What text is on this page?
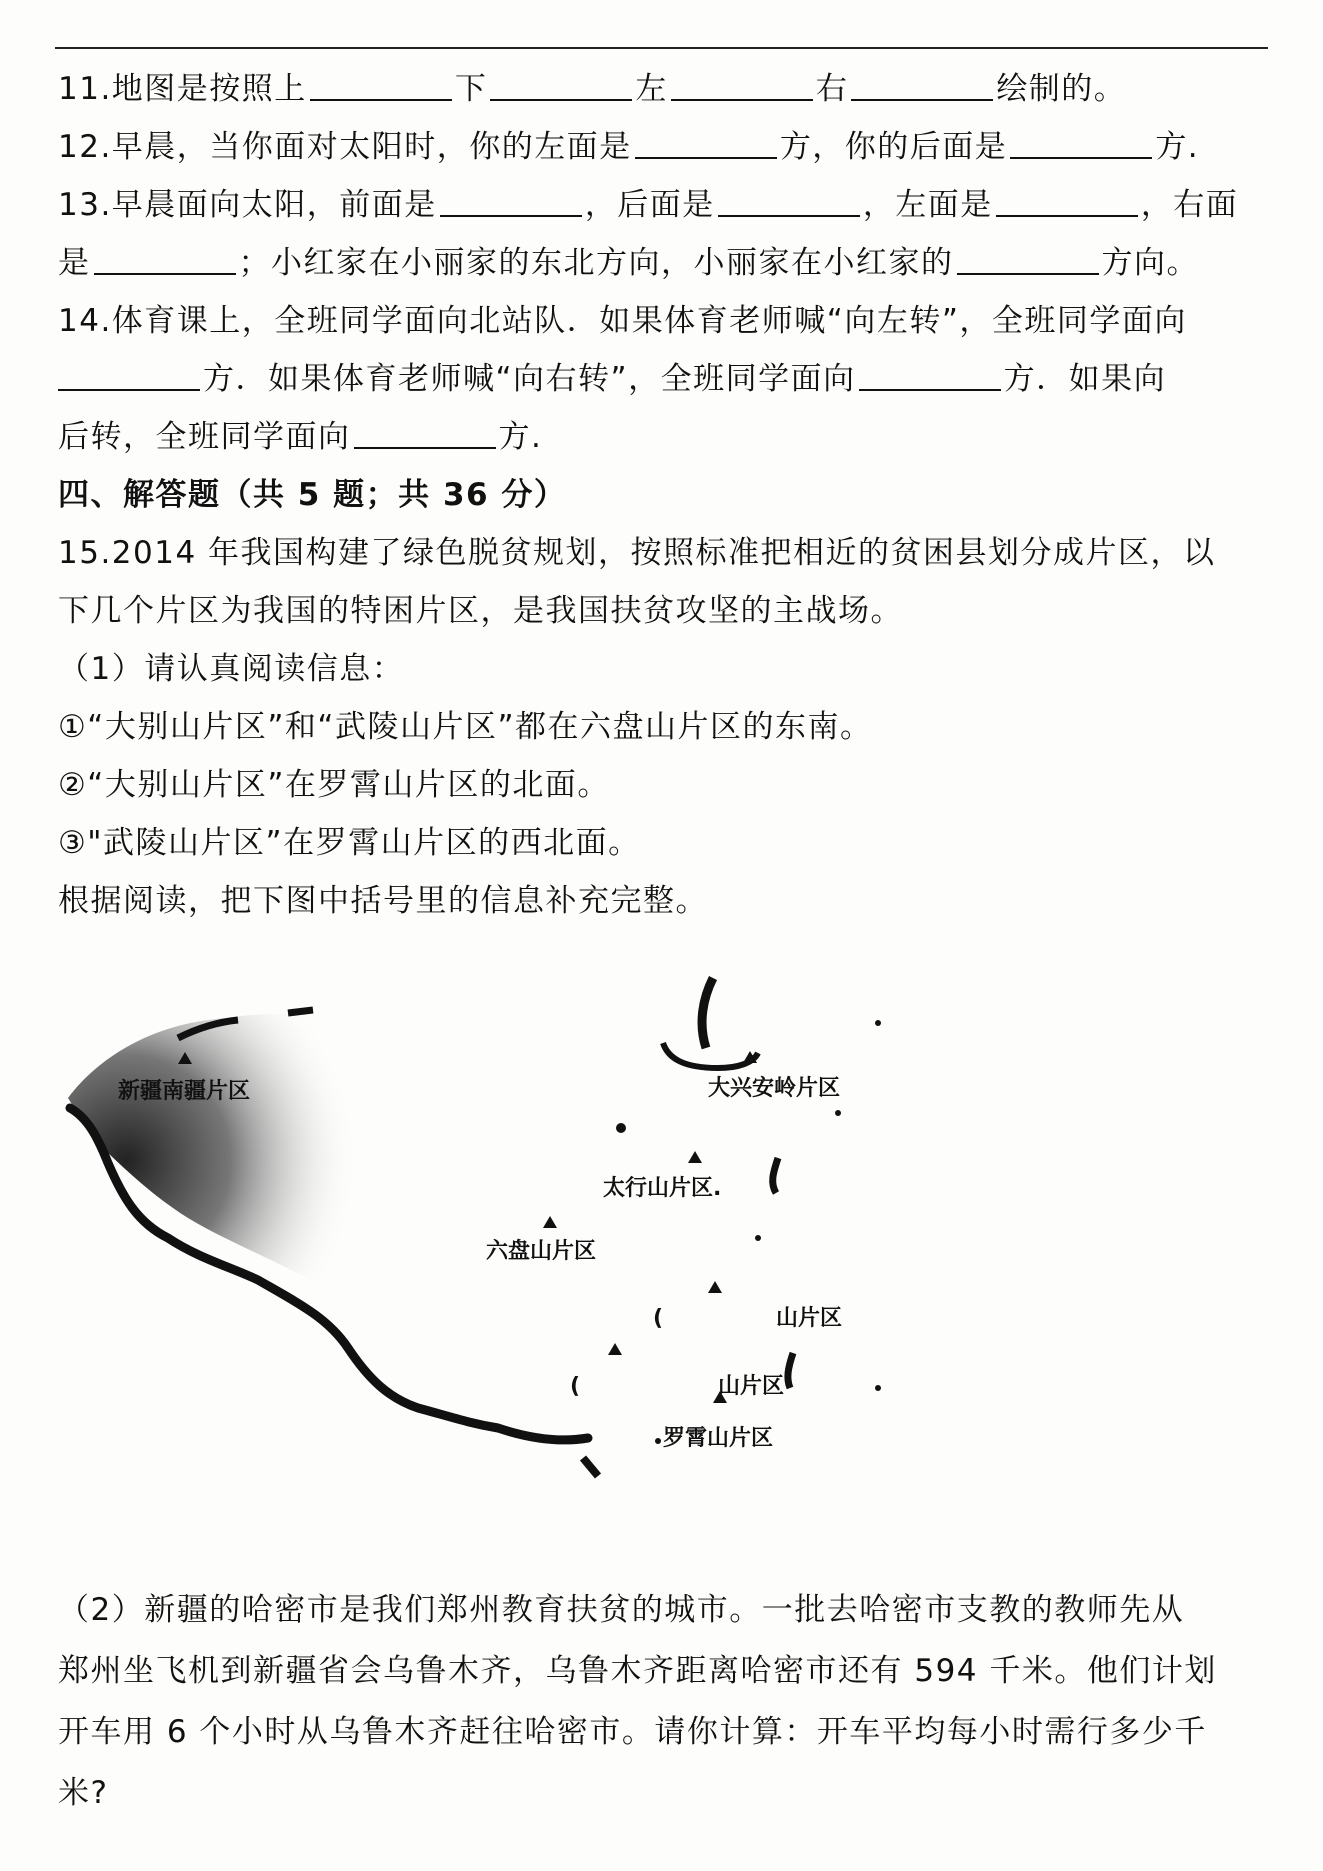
11.地图是按照上	下	左	右	绘制的。
12.早晨，当你面对太阳时，你的左面是	方，你的后面是	方.
13.早晨面向太阳，前面是	，后面是	，左面是	，右面
是	；小红家在小丽家的东北方向，小丽家在小红家的	方向。
14.体育课上，全班同学面向北站队．如果体育老师喊“向左转”，全班同学面向
方．如果体育老师喊“向右转”，全班同学面向	方．如果向
后转，全班同学面向	方.
四、解答题（共 5 题；共 36 分）
15.2014 年我国构建了绿色脱贫规划，按照标准把相近的贫困县划分成片区，以
下几个片区为我国的特困片区，是我国扶贫攻坚的主战场。
（1）请认真阅读信息：
①“大别山片区”和“武陵山片区”都在六盘山片区的东南。
②“大别山片区”在罗霄山片区的北面。
③"武陵山片区”在罗霄山片区的西北面。
根据阅读，把下图中括号里的信息补充完整。
大兴安岭片区
太行山片区.
新疆南疆片区
六盘山片区
(	山片区
(	山片区
罗霄山片区
（2）新疆的哈密市是我们郑州教育扶贫的城市。一批去哈密市支教的教师先从
郑州坐飞机到新疆省会乌鲁木齐，乌鲁木齐距离哈密市还有 594 千米。他们计划
开车用 6 个小时从乌鲁木齐赶往哈密市。请你计算：开车平均每小时需行多少千
米?
